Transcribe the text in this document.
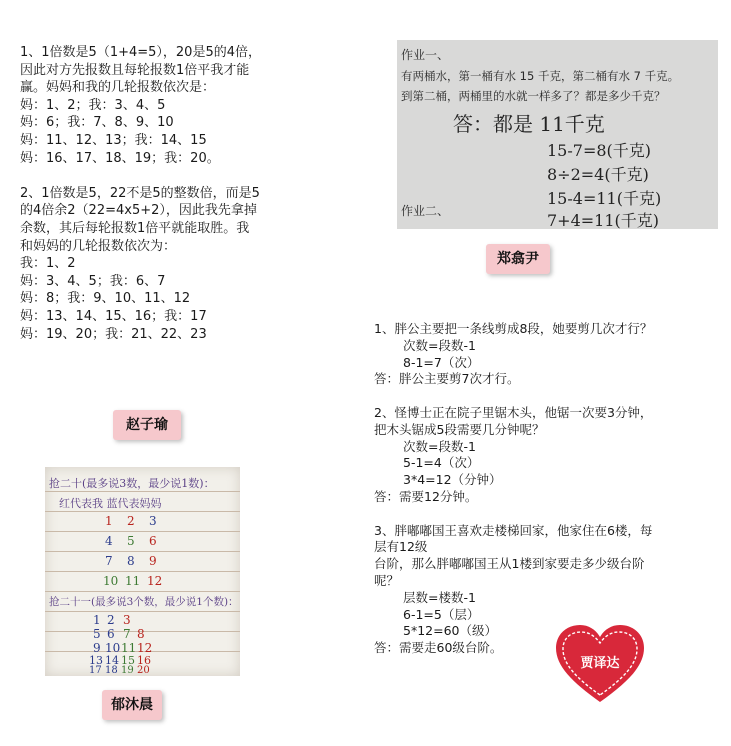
1、1倍数是5（1+4=5），20是5的4倍，
因此对方先报数且每轮报数1倍平我才能
赢。妈妈和我的几轮报数依次是：
妈：1、2；我：3、4、5
妈：6；我：7、8、9、10
妈：11、12、13；我：14、15
妈：16、17、18、19；我：20。
2、1倍数是5，22不是5的整数倍，而是5
的4倍余2（22=4x5+2），因此我先拿掉
余数，其后每轮报数1倍平就能取胜。我
和妈妈的几轮报数依次为：
我：1、2
妈：3、4、5；我：6、7
妈：8；我：9、10、11、12
妈：13、14、15、16；我：17
妈：19、20；我：21、22、23
赵子瑜
抢二十(最多说3数，最少说1数)：
红代表我 蓝代表妈妈
1 2 3
4 5 6
7 8 9
10 11 12
抢二十一(最多说3个数，最少说1个数)：
1 2 3
5 6 7 8
9 10 11 12
13 14 15 16
17 18 19 20
郁沐晨
作业一、
有两桶水，第一桶有水 15 千克，第二桶有水 7 千克。
到第二桶，两桶里的水就一样多了？都是多少千克？
答：都是 11千克
15-7=8(千克)
8÷2=4(千克)
15-4=11(千克)
7+4=11(千克)
作业二、
郑翕尹
1、胖公主要把一条线剪成8段，她要剪几次才行？
次数=段数-1
8-1=7（次）
答：胖公主要剪7次才行。
2、怪博士正在院子里锯木头，他锯一次要3分钟，
把木头锯成5段需要几分钟呢？
次数=段数-1
5-1=4（次）
3*4=12（分钟）
答：需要12分钟。
3、胖嘟嘟国王喜欢走楼梯回家，他家住在6楼，每
层有12级
台阶，那么胖嘟嘟国王从1楼到家要走多少级台阶
呢？
层数=楼数-1
6-1=5（层）
5*12=60（级）
答：需要走60级台阶。
贾译达
